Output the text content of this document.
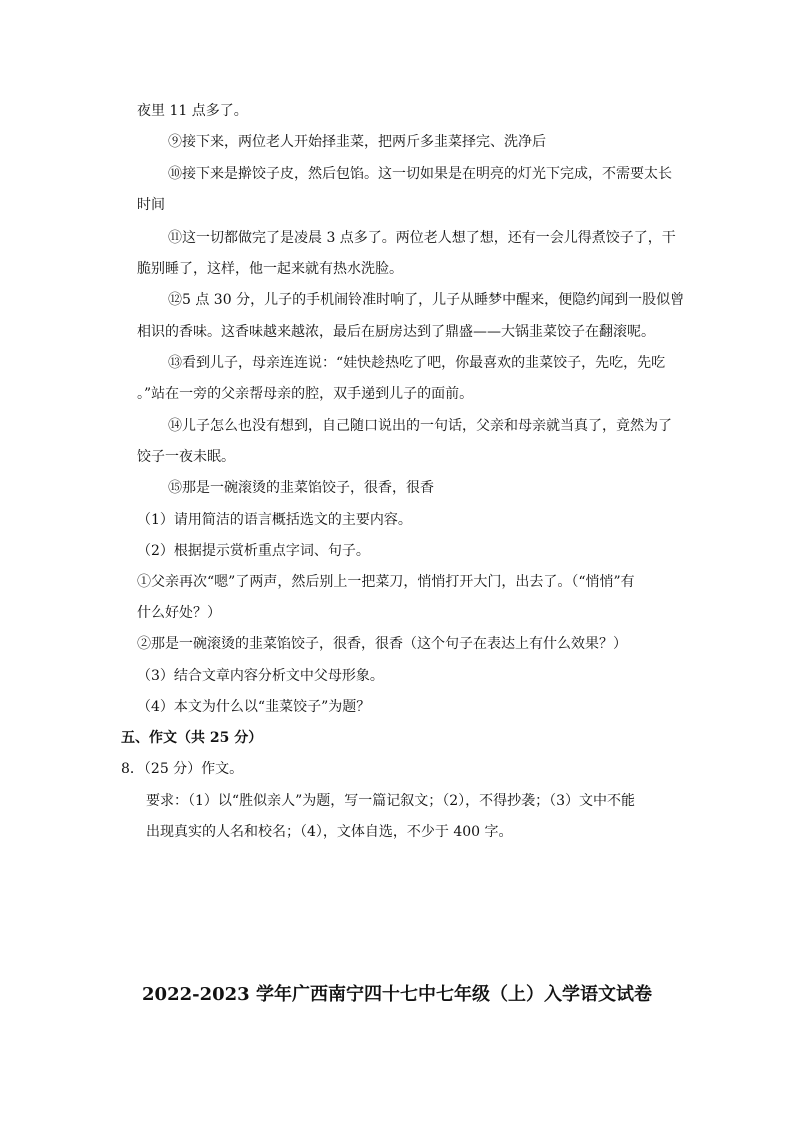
夜里 11 点多了。
⑨接下来，两位老人开始择韭菜，把两斤多韭菜择完、洗净后
⑩接下来是擀饺子皮，然后包馅。这一切如果是在明亮的灯光下完成，不需要太长
时间
⑪这一切都做完了是凌晨 3 点多了。两位老人想了想，还有一会儿得煮饺子了，干
脆别睡了，这样，他一起来就有热水洗脸。
⑫5 点 30 分，儿子的手机闹铃准时响了，儿子从睡梦中醒来，便隐约闻到一股似曾
相识的香味。这香味越来越浓，最后在厨房达到了鼎盛——大锅韭菜饺子在翻滚呢。
⑬看到儿子，母亲连连说：“娃快趁热吃了吧，你最喜欢的韭菜饺子，先吃，先吃
。”站在一旁的父亲帮母亲的腔，双手递到儿子的面前。
⑭儿子怎么也没有想到，自己随口说出的一句话，父亲和母亲就当真了，竟然为了
饺子一夜未眠。
⑮那是一碗滚烫的韭菜馅饺子，很香，很香
（1）请用简洁的语言概括选文的主要内容。
（2）根据提示赏析重点字词、句子。
①父亲再次“嗯”了两声，然后别上一把菜刀，悄悄打开大门，出去了。（“悄悄”有
什么好处？）
②那是一碗滚烫的韭菜馅饺子，很香，很香（这个句子在表达上有什么效果？）
（3）结合文章内容分析文中父母形象。
（4）本文为什么以“韭菜饺子”为题？
五、作文（共 25 分）
8．（25 分）作文。
要求：（1）以“胜似亲人”为题，写一篇记叙文；（2），不得抄袭；（3）文中不能
出现真实的人名和校名；（4），文体自选，不少于 400 字。
2022-2023 学年广西南宁四十七中七年级（上）入学语文试卷
